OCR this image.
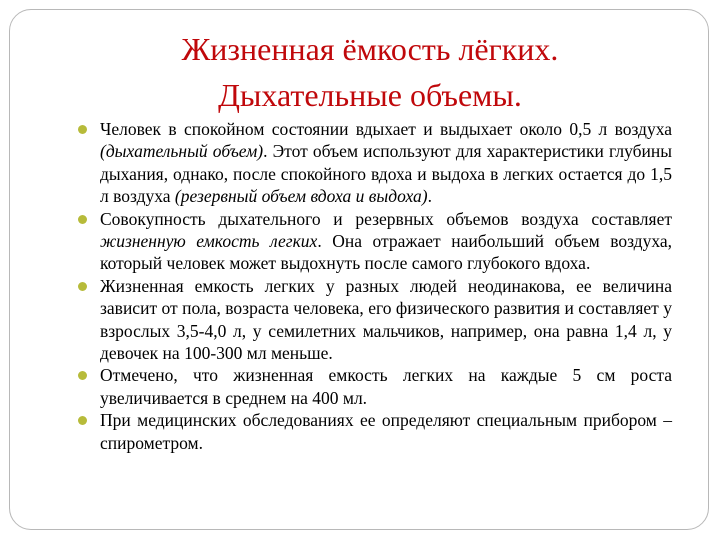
Жизненная ёмкость лёгких.
Дыхательные объемы.
Человек в спокойном состоянии вдыхает и выдыхает около 0,5 л воздуха (дыхательный объем). Этот объем используют для характеристики глубины дыхания, однако, после спокойного вдоха и выдоха в легких остается до 1,5 л воздуха (резервный объем вдоха и выдоха).
Совокупность дыхательного и резервных объемов воздуха составляет жизненную емкость легких. Она отражает наибольший объем воздуха, который человек может выдохнуть после самого глубокого вдоха.
Жизненная емкость легких у разных людей неодинакова, ее величина зависит от пола, возраста человека, его физического развития и составляет у взрослых 3,5-4,0 л, у семилетних мальчиков, например, она равна 1,4 л, у девочек на 100-300 мл меньше.
Отмечено, что жизненная емкость легких на каждые 5 см роста увеличивается в среднем на 400 мл.
При медицинских обследованиях ее определяют специальным прибором – спирометром.
